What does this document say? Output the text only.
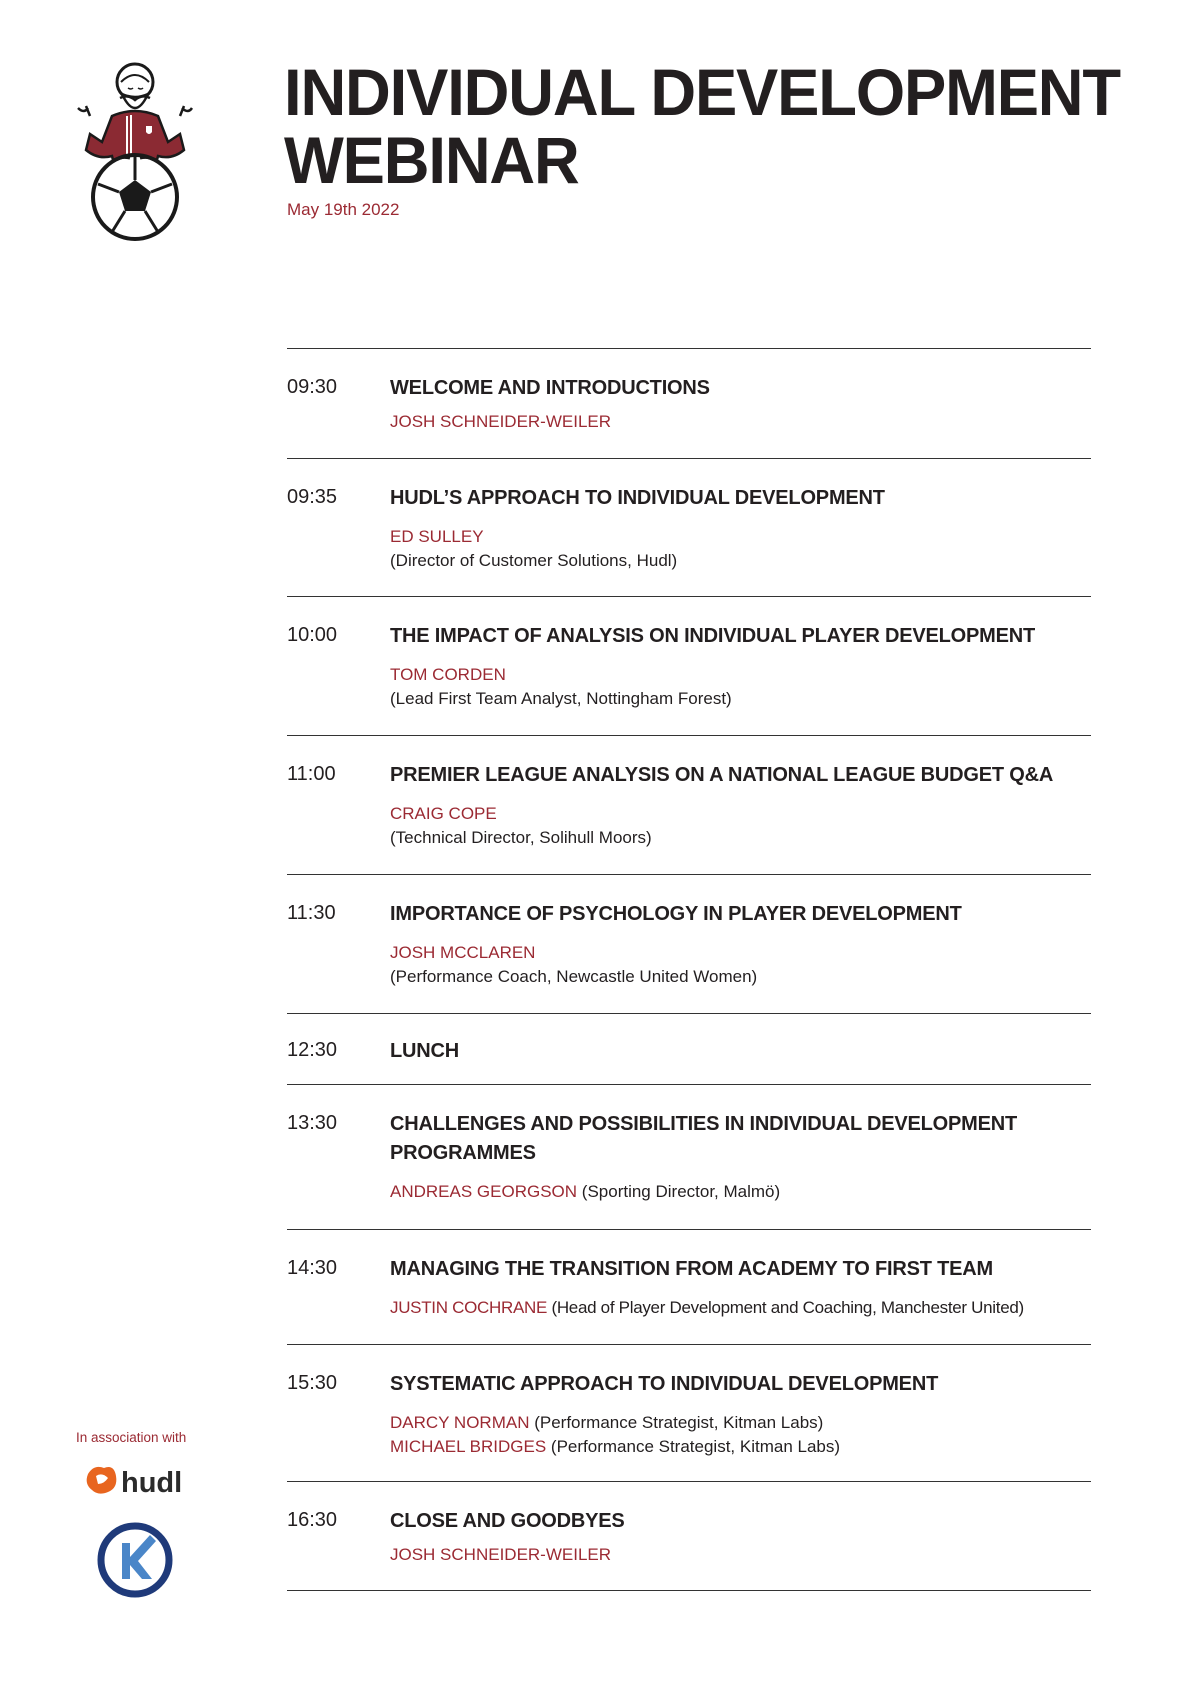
INDIVIDUAL DEVELOPMENT
WEBINAR
May 19th 2022
09:30	WELCOME AND INTRODUCTIONS
JOSH SCHNEIDER-WEILER
09:35	HUDL’S APPROACH TO INDIVIDUAL DEVELOPMENT
ED SULLEY
(Director of Customer Solutions, Hudl)
10:00	THE IMPACT OF ANALYSIS ON INDIVIDUAL PLAYER DEVELOPMENT
TOM CORDEN
(Lead First Team Analyst, Nottingham Forest)
11:00	PREMIER LEAGUE ANALYSIS ON A NATIONAL LEAGUE BUDGET Q&A
CRAIG COPE
(Technical Director, Solihull Moors)
11:30	IMPORTANCE OF PSYCHOLOGY IN PLAYER DEVELOPMENT
JOSH MCCLAREN
(Performance Coach, Newcastle United Women)
12:30	LUNCH
13:30	CHALLENGES AND POSSIBILITIES IN INDIVIDUAL DEVELOPMENT PROGRAMMES
ANDREAS GEORGSON (Sporting Director, Malmö)
14:30	MANAGING THE TRANSITION FROM ACADEMY TO FIRST TEAM
JUSTIN COCHRANE (Head of Player Development and Coaching, Manchester United)
15:30	SYSTEMATIC APPROACH TO INDIVIDUAL DEVELOPMENT
DARCY NORMAN (Performance Strategist, Kitman Labs)
MICHAEL BRIDGES (Performance Strategist, Kitman Labs)
16:30	CLOSE AND GOODBYES
JOSH SCHNEIDER-WEILER
In association with
hudl
